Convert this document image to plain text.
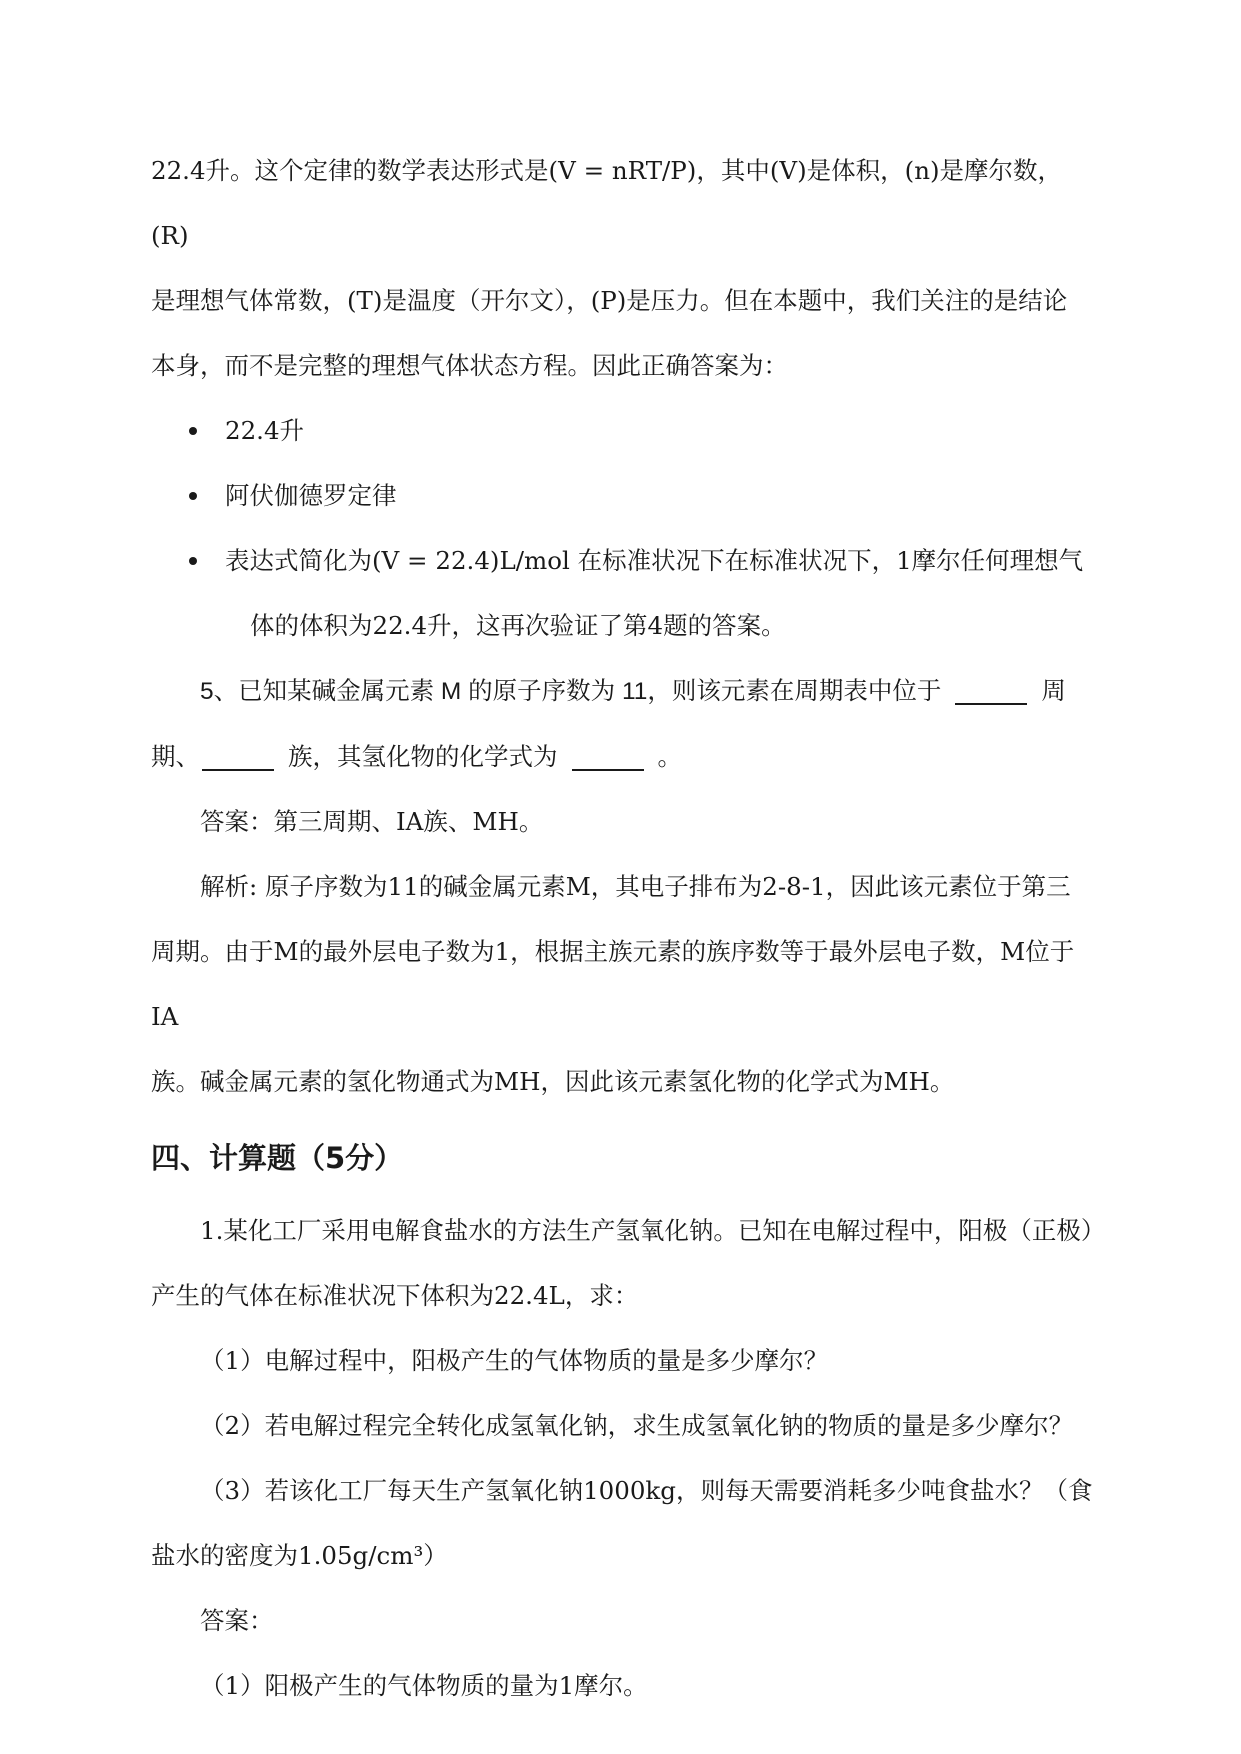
22.4升。这个定律的数学表达形式是(V = nRT/P)，其中(V)是体积，(n)是摩尔数，(R)

是理想气体常数，(T)是温度（开尔文），(P)是压力。但在本题中，我们关注的是结论

本身，而不是完整的理想气体状态方程。因此正确答案为：

22.4升
阿伏伽德罗定律
表达式简化为(V = 22.4)L/mol 在标准状况下在标准状况下，1摩尔任何理想气
体的体积为22.4升，这再次验证了第4题的答案。

5、已知某碱金属元素 M 的原子序数为 11，则该元素在周期表中位于	周

期、	族，其氢化物的化学式为	。

答案：第三周期、IA族、MH。

解析: 原子序数为11的碱金属元素M，其电子排布为2-8-1，因此该元素位于第三

周期。由于M的最外层电子数为1，根据主族元素的族序数等于最外层电子数，M位于IA

族。碱金属元素的氢化物通式为MH，因此该元素氢化物的化学式为MH。

四、计算题（5分）

1.某化工厂采用电解食盐水的方法生产氢氧化钠。已知在电解过程中，阳极（正极）

产生的气体在标准状况下体积为22.4L，求：

（1）电解过程中，阳极产生的气体物质的量是多少摩尔？

（2）若电解过程完全转化成氢氧化钠，求生成氢氧化钠的物质的量是多少摩尔？

（3）若该化工厂每天生产氢氧化钠1000kg，则每天需要消耗多少吨食盐水？（食

盐水的密度为1.05g/cm³）

答案：

（1）阳极产生的气体物质的量为1摩尔。
